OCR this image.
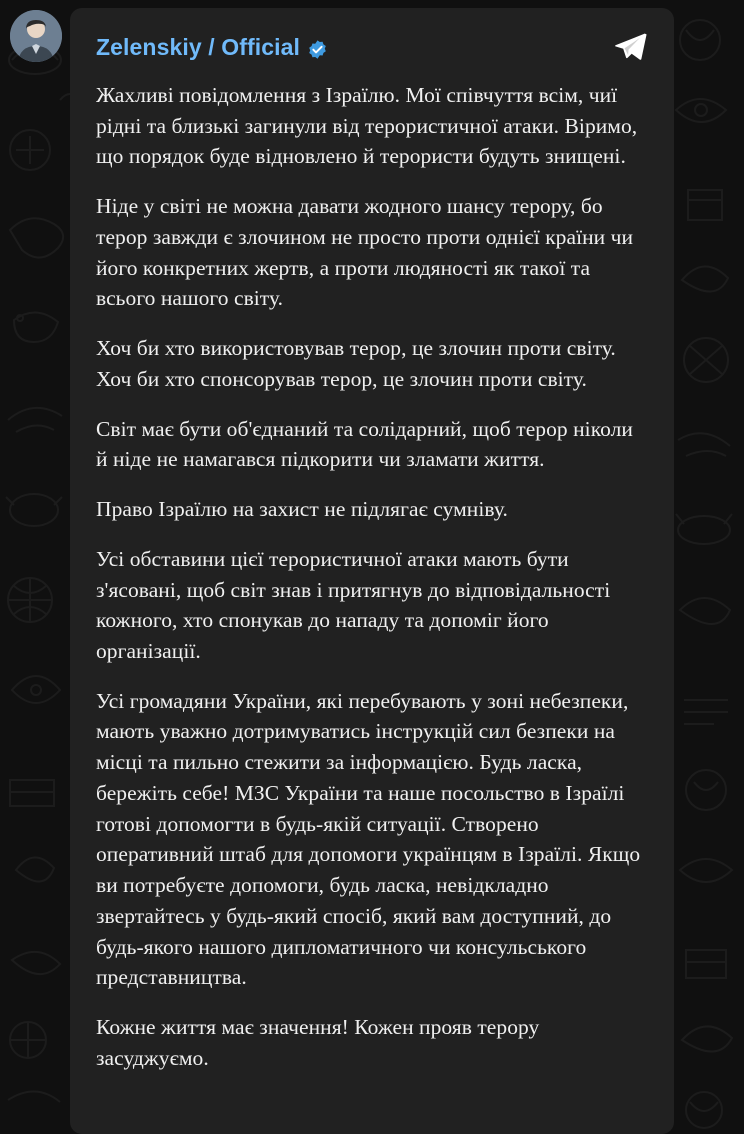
Zelenskiy / Official

Жахливі повідомлення з Ізраїлю. Мої співчуття всім, чиї рідні та близькі загинули від терористичної атаки. Віримо, що порядок буде відновлено й терористи будуть знищені.

Ніде у світі не можна давати жодного шансу терору, бо терор завжди є злочином не просто проти однієї країни чи його конкретних жертв, а проти людяності як такої та всього нашого світу.

Хоч би хто використовував терор, це злочин проти світу. Хоч би хто спонсорував терор, це злочин проти світу.

Світ має бути об'єднаний та солідарний, щоб терор ніколи й ніде не намагався підкорити чи зламати життя.

Право Ізраїлю на захист не підлягає сумніву.

Усі обставини цієї терористичної атаки мають бути з'ясовані, щоб світ знав і притягнув до відповідальності кожного, хто спонукав до нападу та допоміг його організації.

Усі громадяни України, які перебувають у зоні небезпеки, мають уважно дотримуватись інструкцій сил безпеки на місці та пильно стежити за інформацією. Будь ласка, бережіть себе! МЗС України та наше посольство в Ізраїлі готові допомогти в будь-якій ситуації. Створено оперативний штаб для допомоги українцям в Ізраїлі. Якщо ви потребуєте допомоги, будь ласка, невідкладно звертайтесь у будь-який спосіб, який вам доступний, до будь-якого нашого дипломатичного чи консульського представництва.

Кожне життя має значення! Кожен прояв терору засуджуємо.
